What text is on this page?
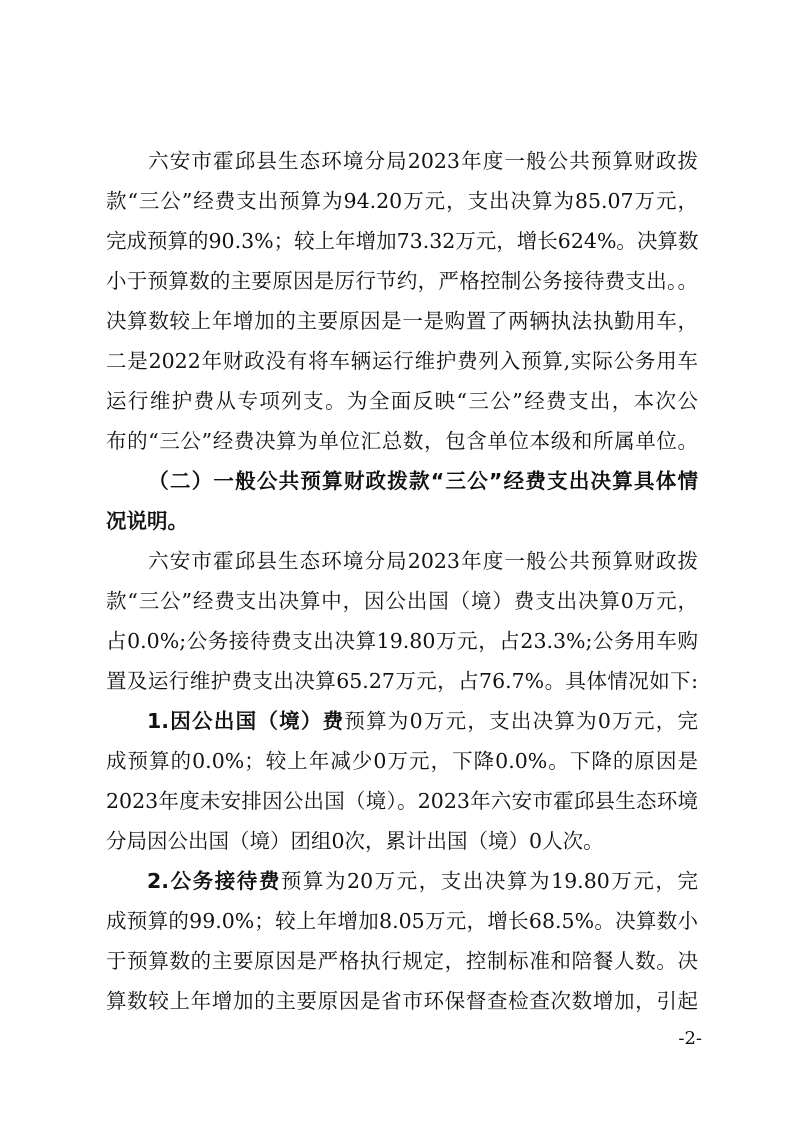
六安市霍邱县生态环境分局2023年度一般公共预算财政拨
款“三公”经费支出预算为94.20万元，支出决算为85.07万元，
完成预算的90.3%；较上年增加73.32万元，增长624%。决算数
小于预算数的主要原因是厉行节约，严格控制公务接待费支出。。
决算数较上年增加的主要原因是一是购置了两辆执法执勤用车，
二是2022年财政没有将车辆运行维护费列入预算,实际公务用车
运行维护费从专项列支。为全面反映“三公”经费支出，本次公
布的“三公”经费决算为单位汇总数，包含单位本级和所属单位。
（二）一般公共预算财政拨款“三公”经费支出决算具体情
况说明。
六安市霍邱县生态环境分局2023年度一般公共预算财政拨
款“三公”经费支出决算中，因公出国（境）费支出决算0万元，
占0.0%;公务接待费支出决算19.80万元，占23.3%;公务用车购
置及运行维护费支出决算65.27万元，占76.7%。具体情况如下:
1.因公出国（境）费预算为0万元，支出决算为0万元，完
成预算的0.0%；较上年减少0万元，下降0.0%。下降的原因是
2023年度未安排因公出国（境）。2023年六安市霍邱县生态环境
分局因公出国（境）团组0次，累计出国（境）0人次。
2.公务接待费预算为20万元，支出决算为19.80万元，完
成预算的99.0%；较上年增加8.05万元，增长68.5%。决算数小
于预算数的主要原因是严格执行规定，控制标准和陪餐人数。决
算数较上年增加的主要原因是省市环保督查检查次数增加，引起
-2-
